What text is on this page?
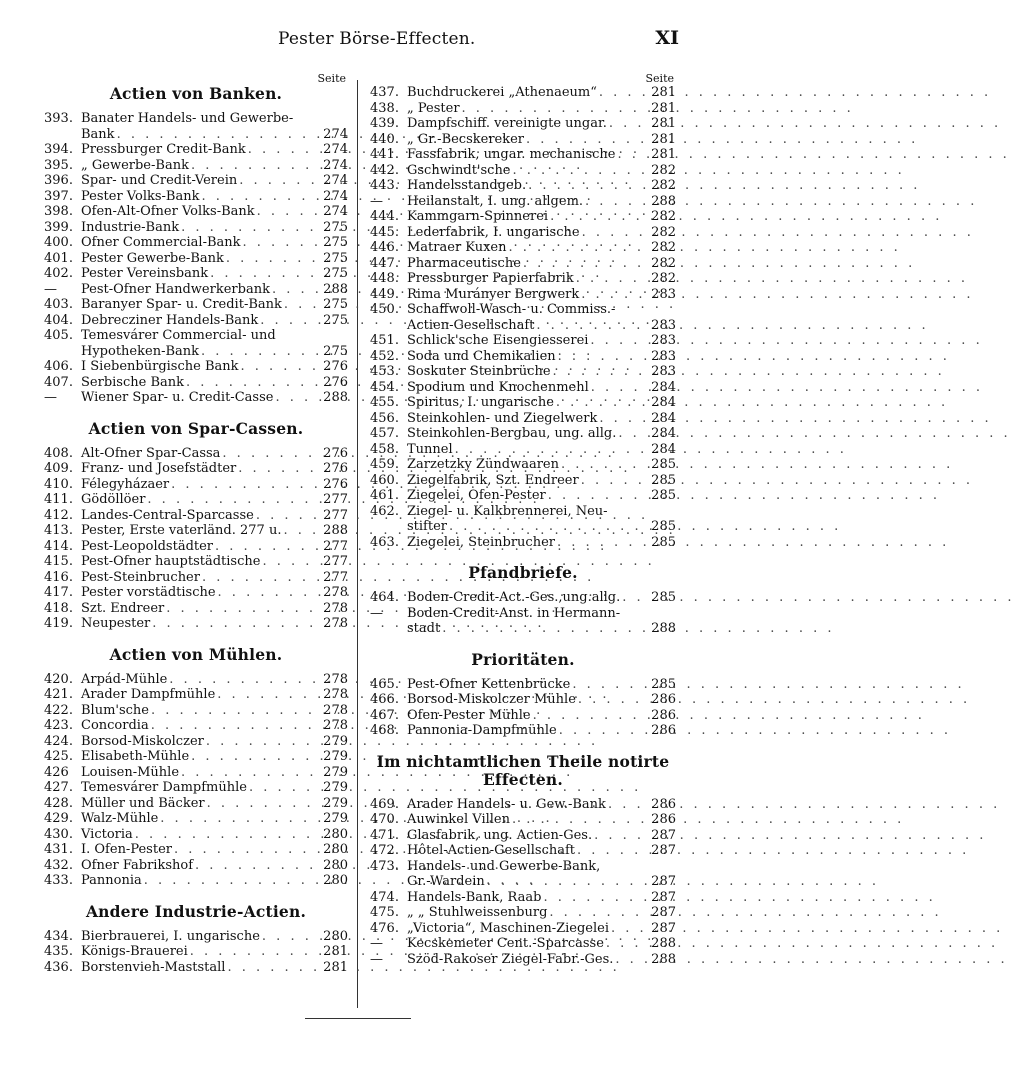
Pester Börse-Effecten.	XI
Seite
Actien von Banken.
393. Banater Handels- und Gewerbe-
Bank . . .	274
394. Pressburger Credit-Bank . . .	274
395. „ Gewerbe-Bank . . .	274
396. Spar- und Credit-Verein . . .	274
397. Pester Volks-Bank . . .	274
398. Ofen-Alt-Ofner Volks-Bank . . .	274
399. Industrie-Bank . . .	275
400. Ofner Commercial-Bank . . .	275
401. Pester Gewerbe-Bank . . .	275
402. Pester Vereinsbank . . .	275
—	Pest-Ofner Handwerkerbank . . .	288
403. Baranyer Spar- u. Credit-Bank . . .	275
404. Debrecziner Handels-Bank . . .	275
405. Temesvárer Commercial- und
Hypotheken-Bank . . .	275
406. I Siebenbürgische Bank . . .	276
407. Serbische Bank . . .	276
—	Wiener Spar- u. Credit-Casse . . .	288
Actien von Spar-Cassen.
408. Alt-Ofner Spar-Cassa . . .	276
409. Franz- und Josefstädter . . .	276
410. Félegyházaer . . .	276
411. Gödöllöer . . .	277
412. Landes-Central-Sparcasse . . .	277
413. Pester, Erste vaterländ. 277 u. . . .	288
414. Pest-Leopoldstädter . . .	277
415. Pest-Ofner hauptstädtische . . .	277
416. Pest-Steinbrucher . . .	277
417. Pester vorstädtische . . .	278
418. Szt. Endreer . . .	278
419. Neupester . . .	278
Actien von Mühlen.
420. Arpád-Mühle . . .	278
421. Arader Dampfmühle . . .	278
422. Blum'sche . . .	278
423. Concordia . . .	278
424. Borsod-Miskolczer . . .	279
425. Elisabeth-Mühle . . .	279
426 Louisen-Mühle . . .	279
427. Temesvárer Dampfmühle . . .	279
428. Müller und Bäcker . . .	279
429. Walz-Mühle . . .	279
430. Victoria . . .	280
431. I. Ofen-Pester . . .	280
432. Ofner Fabrikshof . . .	280
433. Pannonia . . .	280
Andere Industrie-Actien.
434. Bierbrauerei, I. ungarische . . .	280
435. Königs-Brauerei . . .	281
436. Borstenvieh-Maststall . . .	281
Seite
437. Buchdruckerei „Athenaeum“ . . .	281
438. „ Pester . . .	281
439. Dampfschiff. vereinigte ungar. . . .	281
440. „ Gr.-Becskereker . . .	281
441. Fassfabrik, ungar. mechanische . . .	281
442. Gschwindt'sche . . .	282
443. Handelsstandgeb. . . .	282
—	Heilanstalt, I. ung. allgem. . . .	288
444. Kammgarn-Spinnerei . . .	282
445. Lederfabrik, I. ungarische . . .	282
446. Matraer Kuxen . . .	282
447. Pharmaceutische . . .	282
448. Pressburger Papierfabrik . . .	282
449. Rima Murányer Bergwerk . . .	283
450. Schaffwoll-Wasch- u. Commiss.-
Actien-Gesellschaft . . .	283
451. Schlick'sche Eisengiesserei . . .	283
452. Soda und Chemikalien . . .	283
453. Soskuter Steinbrüche . . .	283
454. Spodium und Knochenmehl . . .	284
455. Spiritus, I. ungarische . . .	284
456. Steinkohlen- und Ziegelwerk . . .	284
457. Steinkohlen-Bergbau, ung. allg. . . .	284
458. Tunnel . . .	284
459. Zarzetzky Zündwaaren . . .	285
460. Ziegelfabrik, Szt. Endreer . . .	285
461. Ziegelei, Ofen-Pester . . .	285
462. Ziegel- u. Kalkbrennerei, Neu-
stifter . . .	285
463. Ziegelei, Steinbrucher . . .	285
Pfandbriefe.
464. Boden-Credit-Act.-Ges.,ung.allg. . . . 285
—	Boden-Credit-Anst. in Hermann-
stadt . . .	288
Prioritäten.
465. Pest-Ofner Kettenbrücke . . .	285
466. Borsod-Miskolczer Mühle . . .	286
467. Ofen-Pester Mühle . . .	286
468. Pannonia-Dampfmühle . . .	286
Im nichtamtlichen Theile notirte Effecten.
469. Arader Handels- u. Gew.-Bank . . .	286
470. Auwinkel Villen . . .	286
471. Glasfabrik, ung. Actien-Ges. . . .	287
472. Hôtel-Actien-Gesellschaft . . .	287
473. Handels- und Gewerbe-Bank,
Gr.-Wardein . . .	287
474. Handels-Bank, Raab . . .	287
475. „ „ Stuhlweissenburg . . .	287
476. „Victoria“, Maschinen-Ziegelei . . .	287
—	Kecskemeter Cent.-Sparcasse . . .	288
—	Szöd-Rakoser Ziegel-Fabr.-Ges. . . .	288
